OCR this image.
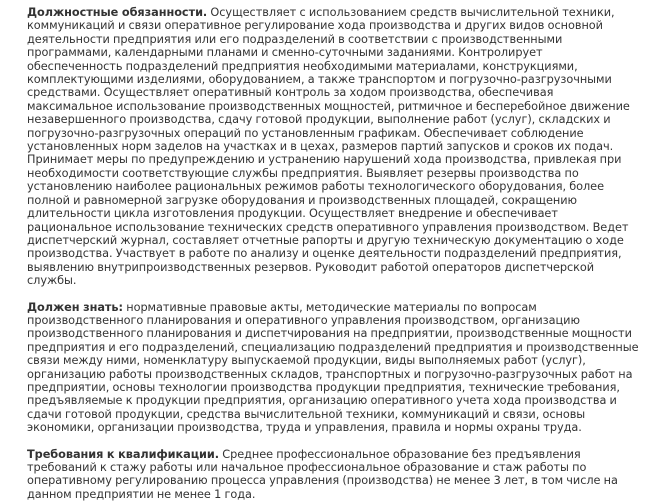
Должностные обязанности. Осуществляет с использованием средств вычислительной техники, коммуникаций и связи оперативное регулирование хода производства и других видов основной деятельности предприятия или его подразделений в соответствии с производственными программами, календарными планами и сменно-суточными заданиями. Контролирует обеспеченность подразделений предприятия необходимыми материалами, конструкциями, комплектующими изделиями, оборудованием, а также транспортом и погрузочно-разгрузочными средствами. Осуществляет оперативный контроль за ходом производства, обеспечивая максимальное использование производственных мощностей, ритмичное и бесперебойное движение незавершенного производства, сдачу готовой продукции, выполнение работ (услуг), складских и погрузочно-разгрузочных операций по установленным графикам. Обеспечивает соблюдение установленных норм заделов на участках и в цехах, размеров партий запусков и сроков их подач. Принимает меры по предупреждению и устранению нарушений хода производства, привлекая при необходимости соответствующие службы предприятия. Выявляет резервы производства по установлению наиболее рациональных режимов работы технологического оборудования, более полной и равномерной загрузке оборудования и производственных площадей, сокращению длительности цикла изготовления продукции. Осуществляет внедрение и обеспечивает рациональное использование технических средств оперативного управления производством. Ведет диспетчерский журнал, составляет отчетные рапорты и другую техническую документацию о ходе производства. Участвует в работе по анализу и оценке деятельности подразделений предприятия, выявлению внутрипроизводственных резервов. Руководит работой операторов диспетчерской службы.

Должен знать: нормативные правовые акты, методические материалы по вопросам производственного планирования и оперативного управления производством, организацию производственного планирования и диспетчирования на предприятии, производственные мощности предприятия и его подразделений, специализацию подразделений предприятия и производственные связи между ними, номенклатуру выпускаемой продукции, виды выполняемых работ (услуг), организацию работы производственных складов, транспортных и погрузочно-разгрузочных работ на предприятии, основы технологии производства продукции предприятия, технические требования, предъявляемые к продукции предприятия, организацию оперативного учета хода производства и сдачи готовой продукции, средства вычислительной техники, коммуникаций и связи, основы экономики, организации производства, труда и управления, правила и нормы охраны труда.

Требования к квалификации. Среднее профессиональное образование без предъявления требований к стажу работы или начальное профессиональное образование и стаж работы по оперативному регулированию процесса управления (производства) не менее 3 лет, в том числе на данном предприятии не менее 1 года.
